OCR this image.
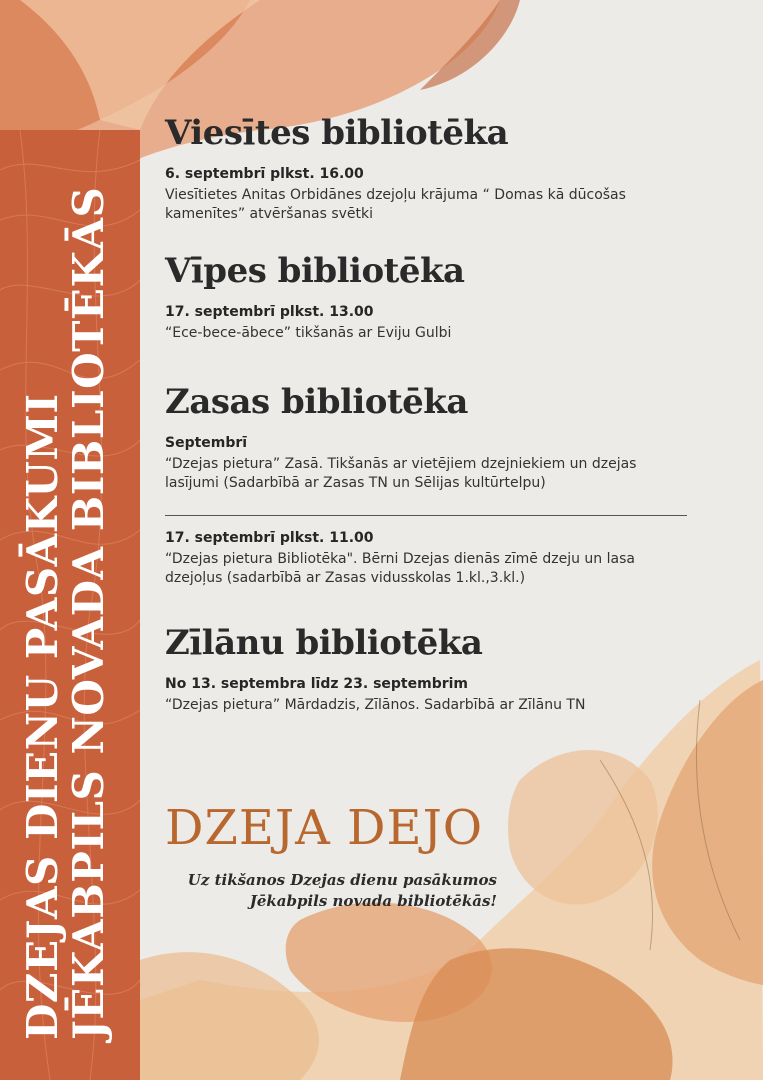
DZEJAS DIENU PASĀKUMI
JĒKABPILS NOVADA BIBLIOTĒKĀS
Viesītes bibliotēka

6. septembrī plkst. 16.00

Viesītietes Anitas Orbidānes dzejoļu krājuma “ Domas kā dūcošas kamenītes” atvēršanas svētki

Vīpes bibliotēka

17. septembrī plkst. 13.00

“Ece-bece-ābece” tikšanās ar Eviju Gulbi

Zasas bibliotēka

Septembrī

“Dzejas pietura” Zasā. Tikšanās ar vietējiem dzejniekiem un dzejas lasījumi (Sadarbībā ar Zasas TN un Sēlijas kultūrtelpu)

17. septembrī plkst. 11.00

“Dzejas pietura Bibliotēka". Bērni Dzejas dienās zīmē dzeju un lasa dzejoļus (sadarbībā ar Zasas vidusskolas 1.kl.,3.kl.)

Zīlānu bibliotēka

No 13. septembra līdz 23. septembrim

“Dzejas pietura” Mārdadzis, Zīlānos. Sadarbībā ar Zīlānu TN

DZEJA DEJO
Uz tikšanos Dzejas dienu pasākumos
Jēkabpils novada bibliotēkās!
